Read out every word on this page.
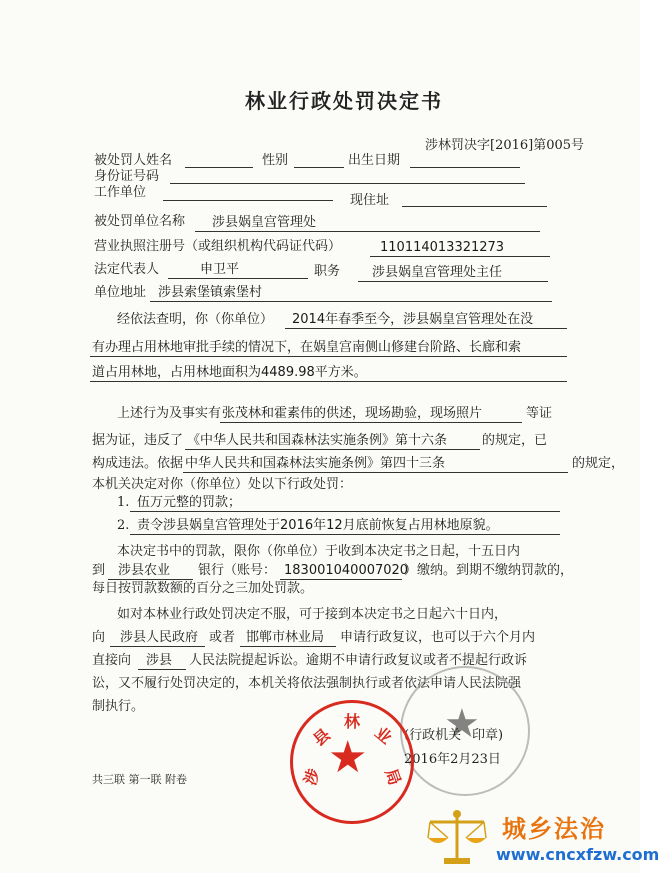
林业行政处罚决定书
涉林罚决字[2016]第005号
被处罚人姓名	性别	出生日期
身份证号码
工作单位
现住址
被处罚单位名称 涉县娲皇宫管理处
营业执照注册号（或组织机构代码证代码）	110114013321273
法定代表人	申卫平	职务 涉县娲皇宫管理处主任
单位地址 涉县索堡镇索堡村
经依法查明，你（你单位） 2014年春季至今，涉县娲皇宫管理处在没
有办理占用林地审批手续的情况下，在娲皇宫南侧山修建台阶路、长廊和索
道占用林地，占用林地面积为4489.98平方米。
上述行为及事实有 张茂林和霍素伟的供述，现场勘验，现场照片	等证
据为证，违反了 《中华人民共和国森林法实施条例》第十六条	的规定，已
构成违法。依据 中华人民共和国森林法实施条例》第四十三条	的规定，
本机关决定对你（你单位）处以下行政处罚：
1. 伍万元整的罚款；
2. 责令涉县娲皇宫管理处于2016年12月底前恢复占用林地原貌。
本决定书中的罚款，限你（你单位）于收到本决定书之日起，十五日内
到 涉县农业 银行（账号： 183001040007020
）缴纳。到期不缴纳罚款的，
每日按罚款数额的百分之三加处罚款。
如对本林业行政处罚决定不服，可于接到本决定书之日起六十日内，
向 涉县人民政府 或者 邯郸市林业局 申请行政复议，也可以于六个月内
直接向 涉县 人民法院提起诉讼。逾期不申请行政复议或者不提起行政诉
讼，又不履行处罚决定的，本机关将依法强制执行或者依法申请人民法院强
制执行。	★
(行政机关 印章)
2016年2月23日
涉
县
林
业
局
★
共三联 第一联 附卷
城乡法治
www.cncxfzw.com
